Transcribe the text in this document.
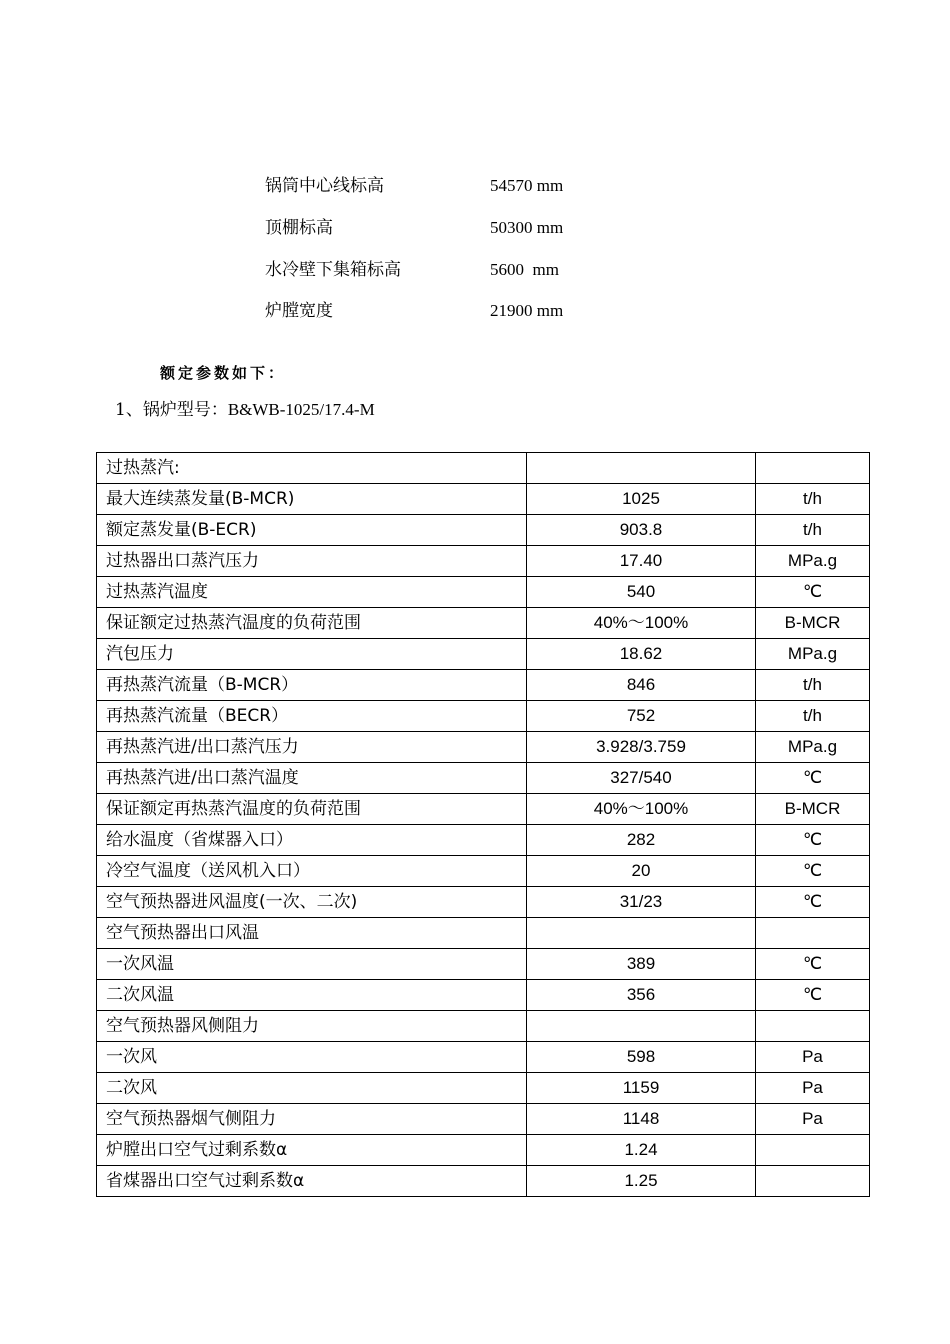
锅筒中心线标高	54570 mm
顶棚标高	50300 mm
水冷壁下集箱标高	5600  mm
炉膛宽度	21900 mm
额定参数如下：
1、锅炉型号：B&WB-1025/17.4-M
过热蒸汽:		
最大连续蒸发量(B-MCR)	1025	t/h
额定蒸发量(B-ECR)	903.8	t/h
过热器出口蒸汽压力	17.40	MPa.g
过热蒸汽温度	540	℃
保证额定过热蒸汽温度的负荷范围	40%～100%	B-MCR
汽包压力	18.62	MPa.g
再热蒸汽流量（B-MCR）	846	t/h
再热蒸汽流量（BECR）	752	t/h
再热蒸汽进/出口蒸汽压力	3.928/3.759	MPa.g
再热蒸汽进/出口蒸汽温度	327/540	℃
保证额定再热蒸汽温度的负荷范围	40%～100%	B-MCR
给水温度（省煤器入口）	282	℃
冷空气温度（送风机入口）	20	℃
空气预热器进风温度(一次、二次)	31/23	℃
空气预热器出口风温		
一次风温	389	℃
二次风温	356	℃
空气预热器风侧阻力		
一次风	598	Pa
二次风	1159	Pa
空气预热器烟气侧阻力	1148	Pa
炉膛出口空气过剩系数α	1.24	
省煤器出口空气过剩系数α	1.25	
